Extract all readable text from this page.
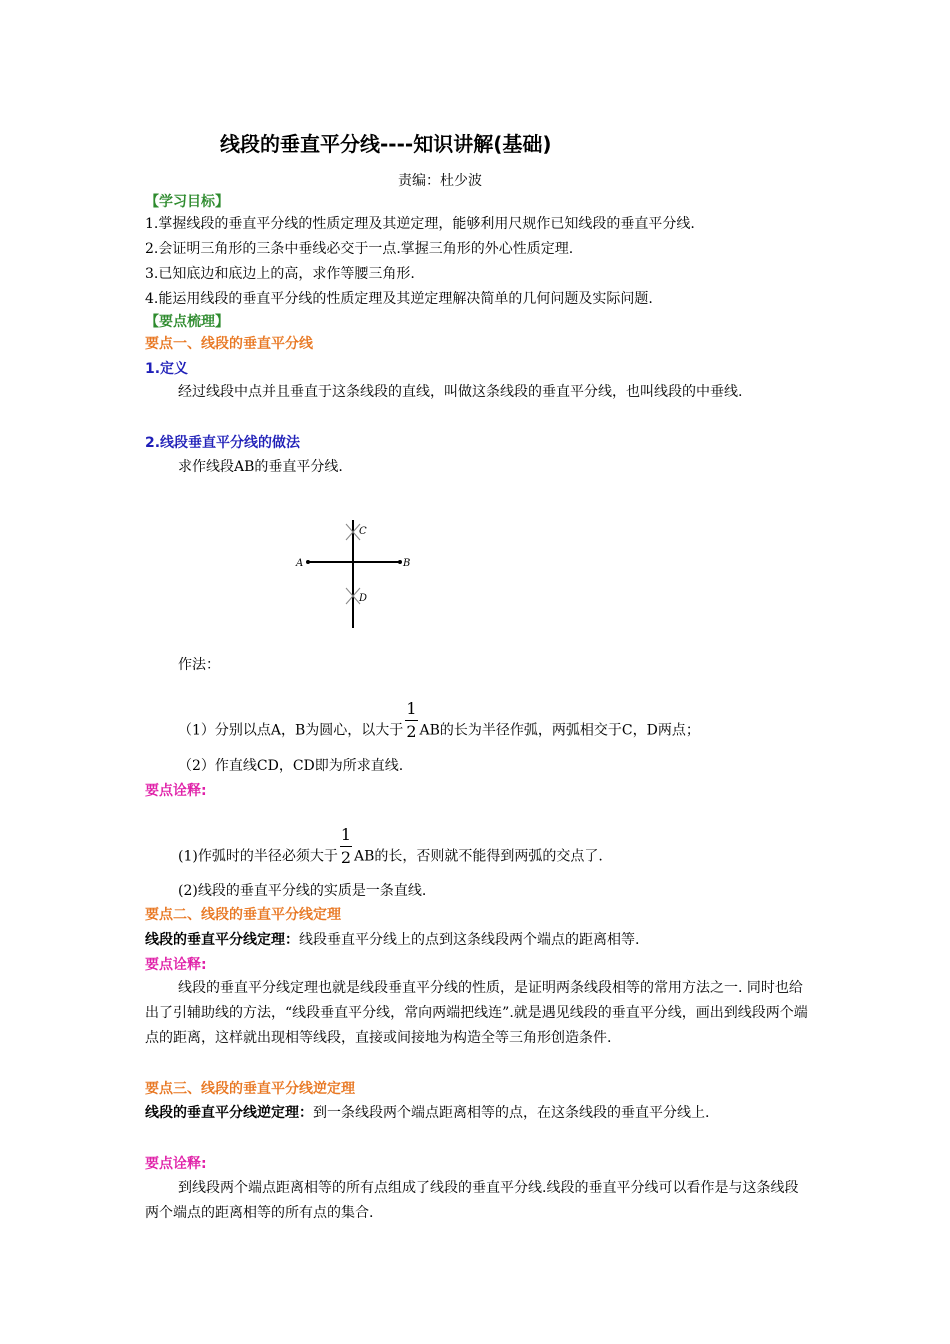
线段的垂直平分线----知识讲解(基础)
责编：杜少波
【学习目标】
1.掌握线段的垂直平分线的性质定理及其逆定理，能够利用尺规作已知线段的垂直平分线.
2.会证明三角形的三条中垂线必交于一点.掌握三角形的外心性质定理.
3.已知底边和底边上的高，求作等腰三角形.
4.能运用线段的垂直平分线的性质定理及其逆定理解决简单的几何问题及实际问题.
【要点梳理】
要点一、线段的垂直平分线
1.定义
经过线段中点并且垂直于这条线段的直线，叫做这条线段的垂直平分线，也叫线段的中垂线.
2.线段垂直平分线的做法
求作线段AB的垂直平分线.
A	B
C
D
作法：
（1）分别以点A，B为圆心，以大于 $\frac{1}{2}$ AB的长为半径作弧，两弧相交于C，D两点；
（2）作直线CD，CD即为所求直线.
要点诠释:
(1)作弧时的半径必须大于 $\frac{1}{2}$ AB的长，否则就不能得到两弧的交点了.
(2)线段的垂直平分线的实质是一条直线.
要点二、线段的垂直平分线定理
线段的垂直平分线定理：线段垂直平分线上的点到这条线段两个端点的距离相等.
要点诠释:
线段的垂直平分线定理也就是线段垂直平分线的性质，是证明两条线段相等的常用方法之一. 同时也给出了引辅助线的方法，“线段垂直平分线，常向两端把线连”.就是遇见线段的垂直平分线，画出到线段两个端点的距离，这样就出现相等线段，直接或间接地为构造全等三角形创造条件.
要点三、线段的垂直平分线逆定理
线段的垂直平分线逆定理：到一条线段两个端点距离相等的点，在这条线段的垂直平分线上.
要点诠释:
到线段两个端点距离相等的所有点组成了线段的垂直平分线.线段的垂直平分线可以看作是与这条线段两个端点的距离相等的所有点的集合.
